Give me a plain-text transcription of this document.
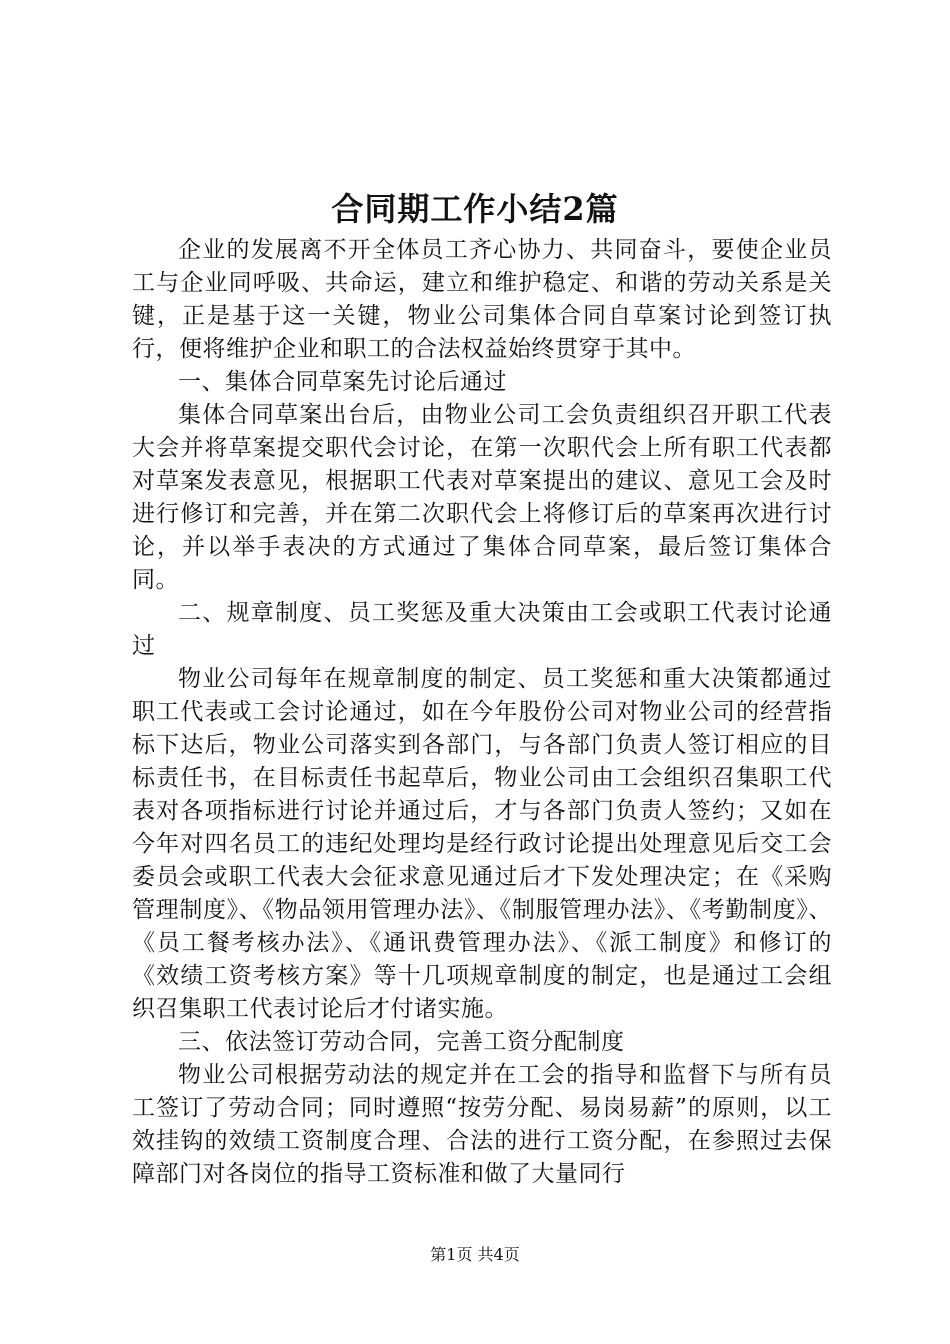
合同期工作小结2篇

企业的发展离不开全体员工齐心协力、共同奋斗，要使企业员工与企业同呼吸、共命运，建立和维护稳定、和谐的劳动关系是关键，正是基于这一关键，物业公司集体合同自草案讨论到签订执行，便将维护企业和职工的合法权益始终贯穿于其中。

一、集体合同草案先讨论后通过

集体合同草案出台后，由物业公司工会负责组织召开职工代表大会并将草案提交职代会讨论，在第一次职代会上所有职工代表都对草案发表意见，根据职工代表对草案提出的建议、意见工会及时进行修订和完善，并在第二次职代会上将修订后的草案再次进行讨论，并以举手表决的方式通过了集体合同草案，最后签订集体合同。

二、规章制度、员工奖惩及重大决策由工会或职工代表讨论通过

物业公司每年在规章制度的制定、员工奖惩和重大决策都通过职工代表或工会讨论通过，如在今年股份公司对物业公司的经营指标下达后，物业公司落实到各部门，与各部门负责人签订相应的目标责任书，在目标责任书起草后，物业公司由工会组织召集职工代表对各项指标进行讨论并通过后，才与各部门负责人签约；又如在今年对四名员工的违纪处理均是经行政讨论提出处理意见后交工会委员会或职工代表大会征求意见通过后才下发处理决定；在《采购管理制度》、《物品领用管理办法》、《制服管理办法》、《考勤制度》、《员工餐考核办法》、《通讯费管理办法》、《派工制度》和修订的《效绩工资考核方案》等十几项规章制度的制定，也是通过工会组织召集职工代表讨论后才付诸实施。

三、依法签订劳动合同，完善工资分配制度

物业公司根据劳动法的规定并在工会的指导和监督下与所有员工签订了劳动合同；同时遵照“按劳分配、易岗易薪”的原则，以工效挂钩的效绩工资制度合理、合法的进行工资分配，在参照过去保障部门对各岗位的指导工资标准和做了大量同行

第1页 共4页
